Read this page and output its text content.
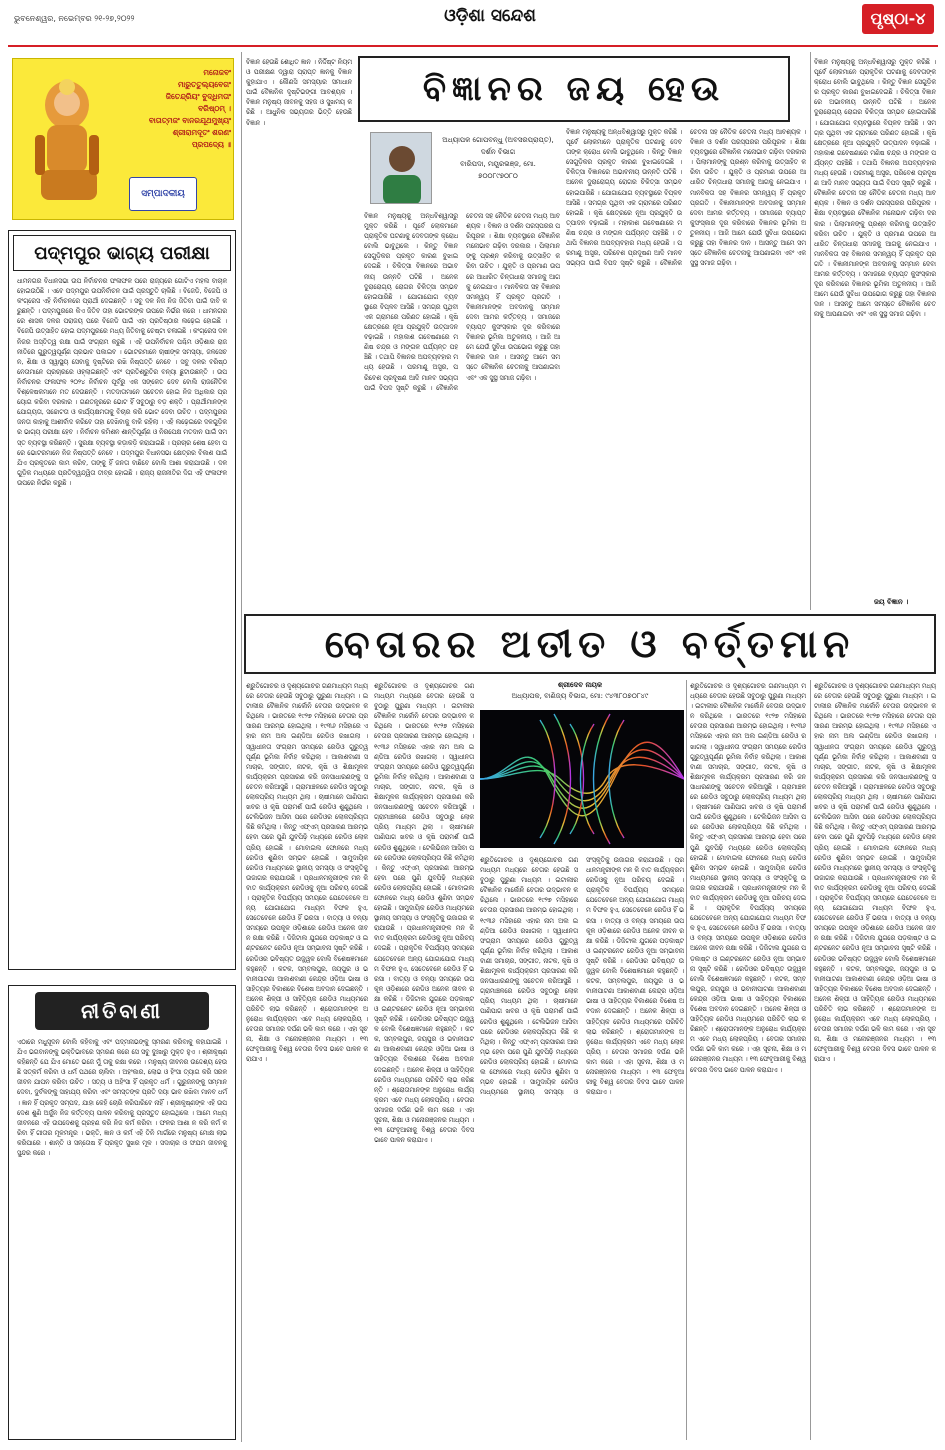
ଭୁବନେଶ୍ୱର, ନଭେମ୍ବର ୨୧-୨୭,୨୦୨୨	ଓଡ଼ିଶା ସନ୍ଦେଶ	ପୃଷ୍ଠା-୪
ମନୋଜବଂ
ମାରୁତତୁଲ୍ୟବେଗଂ
ଜିତେନ୍ଦ୍ରିୟଂ ବୁଦ୍ଧିମତାଂ
ବରିଷ୍ଠମ୍ ।
ବାତାତ୍ମଜଂ ବାନରଯୂଥମୁଖ୍ୟଂ
ଶ୍ରୀରାମଦୂତଂ ଶରଣଂ
ପ୍ରପଦ୍ୟେ ॥
ସମ୍ପାଦକୀୟ
ପଦ୍ମପୁର ଭାଗ୍ୟ ପରୀକ୍ଷା
ଧାମନଗର ବିଧାନସଭା ଉପ ନିର୍ବାଚନର ଫଳାଫଳ ପରେ ରାଜ୍ୟରେ ଗୋଟିଏ ମହଲ ବାଚାଳ ହୋଇଉଠିଛି । ଏବେ ପଦ୍ମପୁର ଉପନିର୍ବାଚନ ପାଇଁ ପ୍ରସ୍ତୁତି ଚାଲିଛି । ବିଜେଡି, ବିଜେପି ଓ କଂଗ୍ରେସ ଏହି ନିର୍ବାଚନରେ ପ୍ରାର୍ଥୀ ଦେଇଛନ୍ତି । ସବୁ ଦଳ ନିଜ ନିଜ ଜିତିବା ପାଇଁ ଦାବି କରୁଛନ୍ତି । ପଦ୍ମପୁରରେ କିଏ ଜିତିବ ତାହା ଭୋଟରଙ୍କ ଉପରେ ନିର୍ଭର କରେ । ଧାମନଗରରେ ଶାସକ ଦଳର ପରାଜୟ ପରେ ବିଜେଡି ପାଇଁ ଏହା ପ୍ରତିଷ୍ଠାର ଲଢ଼େଇ ହୋଇଛି । ବିଜେପି ଉତ୍ସାହିତ ହୋଇ ପଦ୍ମପୁରରେ ମଧ୍ୟ ଜିତିବାକୁ ଚେଷ୍ଟା ଚଳାଇଛି । କଂଗ୍ରେସ ଦଳ ନିଜର ଅସ୍ତିତ୍ୱ ରକ୍ଷା ପାଇଁ ସଂଗ୍ରାମ କରୁଛି । ଏହି ଉପନିର୍ବାଚନ ପଶ୍ଚିମ ଓଡ଼ିଶାର ରାଜନୀତିରେ ଗୁରୁତ୍ୱପୂର୍ଣ୍ଣ ପ୍ରଭାବ ପକାଇବ । ଭୋଟରମାନେ ଚାଷୀଙ୍କ ସମସ୍ୟା, ଜଳସେଚନ, ଶିକ୍ଷା ଓ ସ୍ୱାସ୍ଥ୍ୟ ସେବାକୁ ଦୃଷ୍ଟିରେ ରଖି ନିଷ୍ପତ୍ତି ନେବେ । ସବୁ ଦଳର ବରିଷ୍ଠ ନେତାମାନେ ପ୍ରଚାରରେ ଓହ୍ଲାଇଛନ୍ତି ଏବଂ ପ୍ରତିଶ୍ରୁତିର ବନ୍ୟା ଛୁଟାଉଛନ୍ତି । ଉପନିର୍ବାଚନର ଫଳାଫଳ ୨୦୨୪ ନିର୍ବାଚନ ପୂର୍ବରୁ ଏକ ସଙ୍କେତ ଦେବ ବୋଲି ରାଜନୈତିକ ବିଶ୍ଳେଷକମାନେ ମତ ଦେଉଛନ୍ତି । ମତଦାତାମାନେ ସଚେତନ ହୋଇ ନିଜ ଅଧିକାର ପ୍ରୟୋଗ କରିବା ଦରକାର । ଗଣତନ୍ତ୍ରରେ ଭୋଟ ହିଁ ସବୁଠାରୁ ବଡ଼ ଶକ୍ତି । ପ୍ରାର୍ଥୀମାନଙ୍କ ଯୋଗ୍ୟତା, ସଚ୍ଚୋଟତା ଓ କାର୍ଯ୍ୟକ୍ଷମତାକୁ ବିଚାର କରି ଭୋଟ ଦେବା ଉଚିତ । ପଦ୍ମପୁରର ଜନତା କାହାକୁ ଆଶୀର୍ବାଦ କରିବେ ତାହା ଦେଖିବାକୁ ବାକି ରହିଲା । ଏହି ଲଢ଼େଇରେ ଦଳଗୁଡ଼ିକର ଭାଗ୍ୟ ପରୀକ୍ଷା ହେବ । ନିର୍ବାଚନ କମିଶନ ଶାନ୍ତିପୂର୍ଣ୍ଣ ଓ ନିରପେକ୍ଷ ମତଦାନ ପାଇଁ ସମସ୍ତ ବ୍ୟବସ୍ଥା କରିଛନ୍ତି । ସୁରକ୍ଷା ବ୍ୟବସ୍ଥା କଡ଼ାକଡ଼ି କରାଯାଇଛି । ପ୍ରଚାର ଶେଷ ହେବା ପରେ ଭୋଟରମାନେ ନିଜ ନିଷ୍ପତ୍ତି ନେବେ । ପଦ୍ମପୁର ବିଧାନସଭା କ୍ଷେତ୍ରର ବିକାଶ ପାଇଁ ଯିଏ ପ୍ରକୃତରେ କାମ କରିବ, ତାଙ୍କୁ ହିଁ ଜନତା ବାଛିବେ ବୋଲି ଆଶା କରାଯାଉଛି । ଦଳଗୁଡ଼ିକ ମଧ୍ୟରେ ପ୍ରତିଦ୍ୱନ୍ଦ୍ୱିତା ତୀବ୍ର ହୋଇଛି । ରାଜ୍ୟ ରାଜନୀତିର ଦିଗ ଏହି ଫଳାଫଳ ଉପରେ ନିର୍ଭର କରୁଛି ।
ନୀତିବାଣୀ
ଏଠାରେ ମଧୁସୂଦନ ବୋଲି କହିବାକୁ ଏବଂ ପଦ୍ମନାଭଙ୍କୁ ସ୍ମରଣ କରିବାକୁ କହାଯାଇଛି । ଯିଏ ଭଗବାନଙ୍କୁ ଭକ୍ତିଭାବରେ ସ୍ମରଣ କରେ ସେ ସବୁ ଦୁଃଖରୁ ମୁକ୍ତ ହୁଏ । ଶ୍ରୀକୃଷ୍ଣ କହିଛନ୍ତି ଯେ ଯିଏ ମୋତେ ଭଜେ ମୁଁ ତାକୁ ରକ୍ଷା କରେ । ମନୁଷ୍ୟ ଜୀବନର ଉଦ୍ଦେଶ୍ୟ ହେଉଛି ସତ୍କର୍ମ କରିବା ଓ ଧର୍ମ ପଥରେ ଚାଲିବା । ଅହଂକାର, ଲୋଭ ଓ ହିଂସା ତ୍ୟାଗ କରି ସରଳ ଜୀବନ ଯାପନ କରିବା ଉଚିତ । ସତ୍ୟ ଓ ଅହିଂସା ହିଁ ପ୍ରକୃତ ଧର୍ମ । ଗୁରୁଜନଙ୍କୁ ସମ୍ମାନ ଦେବା, ଦୁର୍ବଳଙ୍କୁ ସାହାଯ୍ୟ କରିବା ଏବଂ ସମସ୍ତଙ୍କ ପ୍ରତି ଦୟା ଭାବ ରଖିବା ମାନବ ଧର୍ମ । ଜ୍ଞାନ ହିଁ ପ୍ରକୃତ ସମ୍ପଦ, ଯାହା କେହି ଚୋରି କରିପାରିବେ ନାହିଁ । ଶ୍ରୀକୃଷ୍ଣଙ୍କ ଏହି ଉପଦେଶ ଶୁଣି ଅର୍ଜୁନ ନିଜ କର୍ତ୍ତବ୍ୟ ପାଳନ କରିବାକୁ ପ୍ରସ୍ତୁତ ହୋଇଥିଲେ । ଆମେ ମଧ୍ୟ ଜୀବନରେ ଏହି ଉପଦେଶକୁ ଗ୍ରହଣ କରି ନିଜ କର୍ମ କରିବା । ଫଳର ଆଶା ନ କରି କର୍ମ କରିବା ହିଁ ଗୀତାର ମୂଳମନ୍ତ୍ର । ଭକ୍ତି, ଜ୍ଞାନ ଓ କର୍ମ ଏହି ତିନି ମାର୍ଗରେ ମନୁଷ୍ୟ ମୋକ୍ଷ ଲାଭ କରିପାରେ । ଶାନ୍ତି ଓ ସନ୍ତୋଷ ହିଁ ପ୍ରକୃତ ସୁଖର ମୂଳ । ସଦାଚାର ଓ ସଂଯମ ଜୀବନକୁ ସୁନ୍ଦର କରେ ।
ବିଜ୍ଞାନ ହେଉଛି ଶୋଧିତ ଜ୍ଞାନ । ନିର୍ଦ୍ଦିଷ୍ଟ ନିୟମ ଓ ପରୀକ୍ଷଣ ଦ୍ୱାରା ପ୍ରାପ୍ତ ଜ୍ଞାନକୁ ବିଜ୍ଞାନ କୁହାଯାଏ । କୌଣସି ସମସ୍ୟାର ସମାଧାନ ପାଇଁ ବୈଜ୍ଞାନିକ ଦୃଷ୍ଟିଭଙ୍ଗୀ ଆବଶ୍ୟକ । ବିଜ୍ଞାନ ମନୁଷ୍ୟ ଜୀବନକୁ ସହଜ ଓ ସୁଖମୟ କରିଛି । ଆଧୁନିକ ସଭ୍ୟତାର ଭିତ୍ତି ହେଉଛି ବିଜ୍ଞାନ ।
ବିଜ୍ଞାନର ଜୟ ହେଉ
ଅଧ୍ୟାପକ ଗୋପବନ୍ଧୁ (ଅବସରପ୍ରାପ୍ତ),
ଦର୍ଶନ ବିଭାଗ
ବାରିପଦା, ମୟୂରଭଞ୍ଜ, ମୋ.
୭୦୦୮୯୭୦୮୦
ବିଜ୍ଞାନ ମନୁଷ୍ୟକୁ ଅନ୍ଧବିଶ୍ୱାସରୁ ମୁକ୍ତ କରିଛି । ପୂର୍ବେ ଲୋକମାନେ ପ୍ରାକୃତିକ ଘଟଣାକୁ ଦେବତାଙ୍କ କ୍ରୋଧ ବୋଲି ଭାବୁଥିଲେ । କିନ୍ତୁ ବିଜ୍ଞାନ ସେଗୁଡ଼ିକର ପ୍ରକୃତ କାରଣ ବୁଝାଇଦେଇଛି । ଚିକିତ୍ସା ବିଜ୍ଞାନରେ ଅଭାବନୀୟ ଉନ୍ନତି ଘଟିଛି । ଅନେକ ଦୁରାରୋଗ୍ୟ ରୋଗର ଚିକିତ୍ସା ସମ୍ଭବ ହୋଇପାରିଛି । ଯୋଗାଯୋଗ ବ୍ୟବସ୍ଥାରେ ବିପ୍ଳବ ଆସିଛି । ସମଗ୍ର ପୃଥିବୀ ଏକ ଗ୍ରାମରେ ପରିଣତ ହୋଇଛି । କୃଷି କ୍ଷେତ୍ରରେ ନୂଆ ପ୍ରଯୁକ୍ତି ଉତ୍ପାଦନ ବଢ଼ାଇଛି । ମହାକାଶ ଗବେଷଣାରେ ମଣିଷ ଚନ୍ଦ୍ର ଓ ମଙ୍ଗଳ ପର୍ଯ୍ୟନ୍ତ ପହଞ୍ଚିଛି । ତଥାପି ବିଜ୍ଞାନର ଅପବ୍ୟବହାର ମଧ୍ୟ ହେଉଛି । ପରମାଣୁ ଅସ୍ତ୍ର, ପରିବେଶ ପ୍ରଦୂଷଣ ଆଦି ମାନବ ସଭ୍ୟତା ପାଇଁ ବିପଦ ସୃଷ୍ଟି କରୁଛି । ବୈଜ୍ଞାନିକ ଚେତନା ସହ ନୈତିକ ଚେତନା ମଧ୍ୟ ଆବଶ୍ୟକ । ବିଜ୍ଞାନ ଓ ଦର୍ଶନ ପରସ୍ପରର ପରିପୂରକ । ଶିକ୍ଷା ବ୍ୟବସ୍ଥାରେ ବୈଜ୍ଞାନିକ ମନୋଭାବ ଗଢ଼ିବା ଦରକାର । ପିଲାମାନଙ୍କୁ ପ୍ରଶ୍ନ କରିବାକୁ ଉତ୍ସାହିତ କରିବା ଉଚିତ । ଯୁକ୍ତି ଓ ପ୍ରମାଣ ଉପରେ ଆଧାରିତ ଚିନ୍ତାଧାରା ସମାଜକୁ ଆଗକୁ ନେଇଯାଏ । ମାନବିକତା ସହ ବିଜ୍ଞାନର ସମନ୍ୱୟ ହିଁ ପ୍ରକୃତ ପ୍ରଗତି । ବିଜ୍ଞାନୀମାନଙ୍କ ଅବଦାନକୁ ସମ୍ମାନ ଦେବା ଆମର କର୍ତ୍ତବ୍ୟ । ସମାଜରେ ବ୍ୟାପ୍ତ କୁସଂସ୍କାର ଦୂର କରିବାରେ ବିଜ୍ଞାନର ଭୂମିକା ଅତୁଳନୀୟ । ଆଜି ଆମେ ଯେଉଁ ସୁବିଧା ଉପଭୋଗ କରୁଛୁ ତାହା ବିଜ୍ଞାନର ଦାନ । ଆସନ୍ତୁ ଆମେ ସମସ୍ତେ ବୈଜ୍ଞାନିକ ଚେତନାକୁ ଆପଣାଇବା ଏବଂ ଏକ ସୁସ୍ଥ ସମାଜ ଗଢ଼ିବା ।
ବିଜ୍ଞାନ ମନୁଷ୍ୟକୁ ଅନ୍ଧବିଶ୍ୱାସରୁ ମୁକ୍ତ କରିଛି । ପୂର୍ବେ ଲୋକମାନେ ପ୍ରାକୃତିକ ଘଟଣାକୁ ଦେବତାଙ୍କ କ୍ରୋଧ ବୋଲି ଭାବୁଥିଲେ । କିନ୍ତୁ ବିଜ୍ଞାନ ସେଗୁଡ଼ିକର ପ୍ରକୃତ କାରଣ ବୁଝାଇଦେଇଛି । ଚିକିତ୍ସା ବିଜ୍ଞାନରେ ଅଭାବନୀୟ ଉନ୍ନତି ଘଟିଛି । ଅନେକ ଦୁରାରୋଗ୍ୟ ରୋଗର ଚିକିତ୍ସା ସମ୍ଭବ ହୋଇପାରିଛି । ଯୋଗାଯୋଗ ବ୍ୟବସ୍ଥାରେ ବିପ୍ଳବ ଆସିଛି । ସମଗ୍ର ପୃଥିବୀ ଏକ ଗ୍ରାମରେ ପରିଣତ ହୋଇଛି । କୃଷି କ୍ଷେତ୍ରରେ ନୂଆ ପ୍ରଯୁକ୍ତି ଉତ୍ପାଦନ ବଢ଼ାଇଛି । ମହାକାଶ ଗବେଷଣାରେ ମଣିଷ ଚନ୍ଦ୍ର ଓ ମଙ୍ଗଳ ପର୍ଯ୍ୟନ୍ତ ପହଞ୍ଚିଛି । ତଥାପି ବିଜ୍ଞାନର ଅପବ୍ୟବହାର ମଧ୍ୟ ହେଉଛି । ପରମାଣୁ ଅସ୍ତ୍ର, ପରିବେଶ ପ୍ରଦୂଷଣ ଆଦି ମାନବ ସଭ୍ୟତା ପାଇଁ ବିପଦ ସୃଷ୍ଟି କରୁଛି । ବୈଜ୍ଞାନିକ ଚେତନା ସହ ନୈତିକ ଚେତନା ମଧ୍ୟ ଆବଶ୍ୟକ । ବିଜ୍ଞାନ ଓ ଦର୍ଶନ ପରସ୍ପରର ପରିପୂରକ । ଶିକ୍ଷା ବ୍ୟବସ୍ଥାରେ ବୈଜ୍ଞାନିକ ମନୋଭାବ ଗଢ଼ିବା ଦରକାର । ପିଲାମାନଙ୍କୁ ପ୍ରଶ୍ନ କରିବାକୁ ଉତ୍ସାହିତ କରିବା ଉଚିତ । ଯୁକ୍ତି ଓ ପ୍ରମାଣ ଉପରେ ଆଧାରିତ ଚିନ୍ତାଧାରା ସମାଜକୁ ଆଗକୁ ନେଇଯାଏ । ମାନବିକତା ସହ ବିଜ୍ଞାନର ସମନ୍ୱୟ ହିଁ ପ୍ରକୃତ ପ୍ରଗତି । ବିଜ୍ଞାନୀମାନଙ୍କ ଅବଦାନକୁ ସମ୍ମାନ ଦେବା ଆମର କର୍ତ୍ତବ୍ୟ । ସମାଜରେ ବ୍ୟାପ୍ତ କୁସଂସ୍କାର ଦୂର କରିବାରେ ବିଜ୍ଞାନର ଭୂମିକା ଅତୁଳନୀୟ । ଆଜି ଆମେ ଯେଉଁ ସୁବିଧା ଉପଭୋଗ କରୁଛୁ ତାହା ବିଜ୍ଞାନର ଦାନ । ଆସନ୍ତୁ ଆମେ ସମସ୍ତେ ବୈଜ୍ଞାନିକ ଚେତନାକୁ ଆପଣାଇବା ଏବଂ ଏକ ସୁସ୍ଥ ସମାଜ ଗଢ଼ିବା ।
ବିଜ୍ଞାନ ମନୁଷ୍ୟକୁ ଅନ୍ଧବିଶ୍ୱାସରୁ ମୁକ୍ତ କରିଛି । ପୂର୍ବେ ଲୋକମାନେ ପ୍ରାକୃତିକ ଘଟଣାକୁ ଦେବତାଙ୍କ କ୍ରୋଧ ବୋଲି ଭାବୁଥିଲେ । କିନ୍ତୁ ବିଜ୍ଞାନ ସେଗୁଡ଼ିକର ପ୍ରକୃତ କାରଣ ବୁଝାଇଦେଇଛି । ଚିକିତ୍ସା ବିଜ୍ଞାନରେ ଅଭାବନୀୟ ଉନ୍ନତି ଘଟିଛି । ଅନେକ ଦୁରାରୋଗ୍ୟ ରୋଗର ଚିକିତ୍ସା ସମ୍ଭବ ହୋଇପାରିଛି । ଯୋଗାଯୋଗ ବ୍ୟବସ୍ଥାରେ ବିପ୍ଳବ ଆସିଛି । ସମଗ୍ର ପୃଥିବୀ ଏକ ଗ୍ରାମରେ ପରିଣତ ହୋଇଛି । କୃଷି କ୍ଷେତ୍ରରେ ନୂଆ ପ୍ରଯୁକ୍ତି ଉତ୍ପାଦନ ବଢ଼ାଇଛି । ମହାକାଶ ଗବେଷଣାରେ ମଣିଷ ଚନ୍ଦ୍ର ଓ ମଙ୍ଗଳ ପର୍ଯ୍ୟନ୍ତ ପହଞ୍ଚିଛି । ତଥାପି ବିଜ୍ଞାନର ଅପବ୍ୟବହାର ମଧ୍ୟ ହେଉଛି । ପରମାଣୁ ଅସ୍ତ୍ର, ପରିବେଶ ପ୍ରଦୂଷଣ ଆଦି ମାନବ ସଭ୍ୟତା ପାଇଁ ବିପଦ ସୃଷ୍ଟି କରୁଛି । ବୈଜ୍ଞାନିକ ଚେତନା ସହ ନୈତିକ ଚେତନା ମଧ୍ୟ ଆବଶ୍ୟକ । ବିଜ୍ଞାନ ଓ ଦର୍ଶନ ପରସ୍ପରର ପରିପୂରକ । ଶିକ୍ଷା ବ୍ୟବସ୍ଥାରେ ବୈଜ୍ଞାନିକ ମନୋଭାବ ଗଢ଼ିବା ଦରକାର । ପିଲାମାନଙ୍କୁ ପ୍ରଶ୍ନ କରିବାକୁ ଉତ୍ସାହିତ କରିବା ଉଚିତ । ଯୁକ୍ତି ଓ ପ୍ରମାଣ ଉପରେ ଆଧାରିତ ଚିନ୍ତାଧାରା ସମାଜକୁ ଆଗକୁ ନେଇଯାଏ । ମାନବିକତା ସହ ବିଜ୍ଞାନର ସମନ୍ୱୟ ହିଁ ପ୍ରକୃତ ପ୍ରଗତି । ବିଜ୍ଞାନୀମାନଙ୍କ ଅବଦାନକୁ ସମ୍ମାନ ଦେବା ଆମର କର୍ତ୍ତବ୍ୟ । ସମାଜରେ ବ୍ୟାପ୍ତ କୁସଂସ୍କାର ଦୂର କରିବାରେ ବିଜ୍ଞାନର ଭୂମିକା ଅତୁଳନୀୟ । ଆଜି ଆମେ ଯେଉଁ ସୁବିଧା ଉପଭୋଗ କରୁଛୁ ତାହା ବିଜ୍ଞାନର ଦାନ । ଆସନ୍ତୁ ଆମେ ସମସ୍ତେ ବୈଜ୍ଞାନିକ ଚେତନାକୁ ଆପଣାଇବା ଏବଂ ଏକ ସୁସ୍ଥ ସମାଜ ଗଢ଼ିବା ।
ଜୟ ବିଜ୍ଞାନ ।
ବେତାରର ଅତୀତ ଓ ବର୍ତ୍ତମାନ
ଶ୍ରୁତିଗୋଚର ଓ ଦୃଶ୍ୟଗୋଚର ଗଣମାଧ୍ୟମ ମଧ୍ୟରେ ବେତାର ହେଉଛି ସବୁଠାରୁ ପୁରୁଣା ମାଧ୍ୟମ । ଇଟାଲୀର ବୈଜ୍ଞାନିକ ମାର୍କୋନି ବେତାର ଉଦ୍ଭାବନ କରିଥିଲେ । ଭାରତରେ ୧୯୨୭ ମସିହାରେ ବେତାର ପ୍ରସାରଣ ଆରମ୍ଭ ହୋଇଥିଲା । ୧୯୩୬ ମସିହାରେ ଏହାର ନାମ ଅଲ ଇଣ୍ଡିଆ ରେଡିଓ ରଖାଗଲା । ସ୍ୱାଧୀନତା ସଂଗ୍ରାମ ସମୟରେ ରେଡିଓ ଗୁରୁତ୍ୱପୂର୍ଣ୍ଣ ଭୂମିକା ନିର୍ବାହ କରିଥିଲା । ଆକାଶବାଣୀ ସମାଚାର, ସଙ୍ଗୀତ, ନାଟକ, କୃଷି ଓ ଶିକ୍ଷାମୂଳକ କାର୍ଯ୍ୟକ୍ରମ ପ୍ରସାରଣ କରି ଜନସାଧାରଣଙ୍କୁ ସଚେତନ କରିଆସୁଛି । ଗ୍ରାମାଞ୍ଚଳରେ ରେଡିଓ ସବୁଠାରୁ ଲୋକପ୍ରିୟ ମାଧ୍ୟମ ଥିଲା । ଚାଷୀମାନେ ପାଣିପାଗ ଖବର ଓ କୃଷି ପରାମର୍ଶ ପାଇଁ ରେଡିଓ ଶୁଣୁଥିଲେ । ଟେଲିଭିଜନ ଆସିବା ପରେ ରେଡିଓର ଲୋକପ୍ରିୟତା କିଛି କମିଥିଲା । କିନ୍ତୁ ଏଫ୍‌ଏମ୍ ପ୍ରସାରଣ ଆରମ୍ଭ ହେବା ପରେ ପୁଣି ଯୁବପିଢ଼ି ମଧ୍ୟରେ ରେଡିଓ ଲୋକପ୍ରିୟ ହୋଇଛି । ମୋବାଇଲ ଫୋନରେ ମଧ୍ୟ ରେଡିଓ ଶୁଣିବା ସମ୍ଭବ ହୋଇଛି । ସାମୁଦାୟିକ ରେଡିଓ ମାଧ୍ୟମରେ ସ୍ଥାନୀୟ ସମସ୍ୟା ଓ ସଂସ୍କୃତିକୁ ଉଜାଗର କରାଯାଉଛି । ପ୍ରଧାନମନ୍ତ୍ରୀଙ୍କ ମନ କି ବାତ କାର୍ଯ୍ୟକ୍ରମ ରେଡିଓକୁ ନୂଆ ପରିଚୟ ଦେଇଛି । ପ୍ରାକୃତିକ ବିପର୍ଯ୍ୟୟ ସମୟରେ ଯେତେବେଳେ ଅନ୍ୟ ଯୋଗାଯୋଗ ମାଧ୍ୟମ ବିଫଳ ହୁଏ, ସେତେବେଳେ ରେଡିଓ ହିଁ ଭରସା । ବାତ୍ୟା ଓ ବନ୍ୟା ସମୟରେ ଉପକୂଳ ଓଡ଼ିଶାରେ ରେଡିଓ ଅନେକ ଜୀବନ ରକ୍ଷା କରିଛି । ଡିଜିଟାଲ ଯୁଗରେ ପଡ଼କାଷ୍ଟ ଓ ଇଣ୍ଟରନେଟ ରେଡିଓ ନୂଆ ସମ୍ଭାବନା ସୃଷ୍ଟି କରିଛି । ରେଡିଓର ଭବିଷ୍ୟତ ଉଜ୍ଜ୍ୱଳ ବୋଲି ବିଶେଷଜ୍ଞମାନେ କହୁଛନ୍ତି । କଟକ, ସମ୍ବଲପୁର, ଜୟପୁର ଓ ଭବାନୀପାଟଣା ଆକାଶବାଣୀ କେନ୍ଦ୍ର ଓଡ଼ିଆ ଭାଷା ଓ ସାହିତ୍ୟର ବିକାଶରେ ବିଶେଷ ଅବଦାନ ଦେଇଛନ୍ତି । ଅନେକ ଶିଳ୍ପୀ ଓ ସାହିତ୍ୟିକ ରେଡିଓ ମାଧ୍ୟମରେ ପରିଚିତି ଲାଭ କରିଛନ୍ତି । ଶ୍ରୋତାମାନଙ୍କ ଅନୁରୋଧ କାର୍ଯ୍ୟକ୍ରମ ଏବେ ମଧ୍ୟ ଲୋକପ୍ରିୟ । ବେତାର ସମାଜର ଦର୍ପଣ ଭଳି କାମ କରେ । ଏହା ସୂଚନା, ଶିକ୍ଷା ଓ ମନୋରଞ୍ଜନର ମାଧ୍ୟମ । ୧୩ ଫେବୃଆରୀକୁ ବିଶ୍ୱ ବେତାର ଦିବସ ଭାବେ ପାଳନ କରାଯାଏ ।
ଶ୍ରୁତିଗୋଚର ଓ ଦୃଶ୍ୟଗୋଚର ଗଣମାଧ୍ୟମ ମଧ୍ୟରେ ବେତାର ହେଉଛି ସବୁଠାରୁ ପୁରୁଣା ମାଧ୍ୟମ । ଇଟାଲୀର ବୈଜ୍ଞାନିକ ମାର୍କୋନି ବେତାର ଉଦ୍ଭାବନ କରିଥିଲେ । ଭାରତରେ ୧୯୨୭ ମସିହାରେ ବେତାର ପ୍ରସାରଣ ଆରମ୍ଭ ହୋଇଥିଲା । ୧୯୩୬ ମସିହାରେ ଏହାର ନାମ ଅଲ ଇଣ୍ଡିଆ ରେଡିଓ ରଖାଗଲା । ସ୍ୱାଧୀନତା ସଂଗ୍ରାମ ସମୟରେ ରେଡିଓ ଗୁରୁତ୍ୱପୂର୍ଣ୍ଣ ଭୂମିକା ନିର୍ବାହ କରିଥିଲା । ଆକାଶବାଣୀ ସମାଚାର, ସଙ୍ଗୀତ, ନାଟକ, କୃଷି ଓ ଶିକ୍ଷାମୂଳକ କାର୍ଯ୍ୟକ୍ରମ ପ୍ରସାରଣ କରି ଜନସାଧାରଣଙ୍କୁ ସଚେତନ କରିଆସୁଛି । ଗ୍ରାମାଞ୍ଚଳରେ ରେଡିଓ ସବୁଠାରୁ ଲୋକପ୍ରିୟ ମାଧ୍ୟମ ଥିଲା । ଚାଷୀମାନେ ପାଣିପାଗ ଖବର ଓ କୃଷି ପରାମର୍ଶ ପାଇଁ ରେଡିଓ ଶୁଣୁଥିଲେ । ଟେଲିଭିଜନ ଆସିବା ପରେ ରେଡିଓର ଲୋକପ୍ରିୟତା କିଛି କମିଥିଲା । କିନ୍ତୁ ଏଫ୍‌ଏମ୍ ପ୍ରସାରଣ ଆରମ୍ଭ ହେବା ପରେ ପୁଣି ଯୁବପିଢ଼ି ମଧ୍ୟରେ ରେଡିଓ ଲୋକପ୍ରିୟ ହୋଇଛି । ମୋବାଇଲ ଫୋନରେ ମଧ୍ୟ ରେଡିଓ ଶୁଣିବା ସମ୍ଭବ ହୋଇଛି । ସାମୁଦାୟିକ ରେଡିଓ ମାଧ୍ୟମରେ ସ୍ଥାନୀୟ ସମସ୍ୟା ଓ ସଂସ୍କୃତିକୁ ଉଜାଗର କରାଯାଉଛି । ପ୍ରଧାନମନ୍ତ୍ରୀଙ୍କ ମନ କି ବାତ କାର୍ଯ୍ୟକ୍ରମ ରେଡିଓକୁ ନୂଆ ପରିଚୟ ଦେଇଛି । ପ୍ରାକୃତିକ ବିପର୍ଯ୍ୟୟ ସମୟରେ ଯେତେବେଳେ ଅନ୍ୟ ଯୋଗାଯୋଗ ମାଧ୍ୟମ ବିଫଳ ହୁଏ, ସେତେବେଳେ ରେଡିଓ ହିଁ ଭରସା । ବାତ୍ୟା ଓ ବନ୍ୟା ସମୟରେ ଉପକୂଳ ଓଡ଼ିଶାରେ ରେଡିଓ ଅନେକ ଜୀବନ ରକ୍ଷା କରିଛି । ଡିଜିଟାଲ ଯୁଗରେ ପଡ଼କାଷ୍ଟ ଓ ଇଣ୍ଟରନେଟ ରେଡିଓ ନୂଆ ସମ୍ଭାବନା ସୃଷ୍ଟି କରିଛି । ରେଡିଓର ଭବିଷ୍ୟତ ଉଜ୍ଜ୍ୱଳ ବୋଲି ବିଶେଷଜ୍ଞମାନେ କହୁଛନ୍ତି । କଟକ, ସମ୍ବଲପୁର, ଜୟପୁର ଓ ଭବାନୀପାଟଣା ଆକାଶବାଣୀ କେନ୍ଦ୍ର ଓଡ଼ିଆ ଭାଷା ଓ ସାହିତ୍ୟର ବିକାଶରେ ବିଶେଷ ଅବଦାନ ଦେଇଛନ୍ତି । ଅନେକ ଶିଳ୍ପୀ ଓ ସାହିତ୍ୟିକ ରେଡିଓ ମାଧ୍ୟମରେ ପରିଚିତି ଲାଭ କରିଛନ୍ତି । ଶ୍ରୋତାମାନଙ୍କ ଅନୁରୋଧ କାର୍ଯ୍ୟକ୍ରମ ଏବେ ମଧ୍ୟ ଲୋକପ୍ରିୟ । ବେତାର ସମାଜର ଦର୍ପଣ ଭଳି କାମ କରେ । ଏହା ସୂଚନା, ଶିକ୍ଷା ଓ ମନୋରଞ୍ଜନର ମାଧ୍ୟମ । ୧୩ ଫେବୃଆରୀକୁ ବିଶ୍ୱ ବେତାର ଦିବସ ଭାବେ ପାଳନ କରାଯାଏ ।
ଶ୍ରୀଦେବ ନାୟକ
ଅଧ୍ୟାପକ, ବାଣିଜ୍ୟ ବିଭାଗ, ମୋ: ୯୪୩୮୦୭୦୮୪୯
ଶ୍ରୁତିଗୋଚର ଓ ଦୃଶ୍ୟଗୋଚର ଗଣମାଧ୍ୟମ ମଧ୍ୟରେ ବେତାର ହେଉଛି ସବୁଠାରୁ ପୁରୁଣା ମାଧ୍ୟମ । ଇଟାଲୀର ବୈଜ୍ଞାନିକ ମାର୍କୋନି ବେତାର ଉଦ୍ଭାବନ କରିଥିଲେ । ଭାରତରେ ୧୯୨୭ ମସିହାରେ ବେତାର ପ୍ରସାରଣ ଆରମ୍ଭ ହୋଇଥିଲା । ୧୯୩୬ ମସିହାରେ ଏହାର ନାମ ଅଲ ଇଣ୍ଡିଆ ରେଡିଓ ରଖାଗଲା । ସ୍ୱାଧୀନତା ସଂଗ୍ରାମ ସମୟରେ ରେଡିଓ ଗୁରୁତ୍ୱପୂର୍ଣ୍ଣ ଭୂମିକା ନିର୍ବାହ କରିଥିଲା । ଆକାଶବାଣୀ ସମାଚାର, ସଙ୍ଗୀତ, ନାଟକ, କୃଷି ଓ ଶିକ୍ଷାମୂଳକ କାର୍ଯ୍ୟକ୍ରମ ପ୍ରସାରଣ କରି ଜନସାଧାରଣଙ୍କୁ ସଚେତନ କରିଆସୁଛି । ଗ୍ରାମାଞ୍ଚଳରେ ରେଡିଓ ସବୁଠାରୁ ଲୋକପ୍ରିୟ ମାଧ୍ୟମ ଥିଲା । ଚାଷୀମାନେ ପାଣିପାଗ ଖବର ଓ କୃଷି ପରାମର୍ଶ ପାଇଁ ରେଡିଓ ଶୁଣୁଥିଲେ । ଟେଲିଭିଜନ ଆସିବା ପରେ ରେଡିଓର ଲୋକପ୍ରିୟତା କିଛି କମିଥିଲା । କିନ୍ତୁ ଏଫ୍‌ଏମ୍ ପ୍ରସାରଣ ଆରମ୍ଭ ହେବା ପରେ ପୁଣି ଯୁବପିଢ଼ି ମଧ୍ୟରେ ରେଡିଓ ଲୋକପ୍ରିୟ ହୋଇଛି । ମୋବାଇଲ ଫୋନରେ ମଧ୍ୟ ରେଡିଓ ଶୁଣିବା ସମ୍ଭବ ହୋଇଛି । ସାମୁଦାୟିକ ରେଡିଓ ମାଧ୍ୟମରେ ସ୍ଥାନୀୟ ସମସ୍ୟା ଓ ସଂସ୍କୃତିକୁ ଉଜାଗର କରାଯାଉଛି । ପ୍ରଧାନମନ୍ତ୍ରୀଙ୍କ ମନ କି ବାତ କାର୍ଯ୍ୟକ୍ରମ ରେଡିଓକୁ ନୂଆ ପରିଚୟ ଦେଇଛି । ପ୍ରାକୃତିକ ବିପର୍ଯ୍ୟୟ ସମୟରେ ଯେତେବେଳେ ଅନ୍ୟ ଯୋଗାଯୋଗ ମାଧ୍ୟମ ବିଫଳ ହୁଏ, ସେତେବେଳେ ରେଡିଓ ହିଁ ଭରସା । ବାତ୍ୟା ଓ ବନ୍ୟା ସମୟରେ ଉପକୂଳ ଓଡ଼ିଶାରେ ରେଡିଓ ଅନେକ ଜୀବନ ରକ୍ଷା କରିଛି । ଡିଜିଟାଲ ଯୁଗରେ ପଡ଼କାଷ୍ଟ ଓ ଇଣ୍ଟରନେଟ ରେଡିଓ ନୂଆ ସମ୍ଭାବନା ସୃଷ୍ଟି କରିଛି । ରେଡିଓର ଭବିଷ୍ୟତ ଉଜ୍ଜ୍ୱଳ ବୋଲି ବିଶେଷଜ୍ଞମାନେ କହୁଛନ୍ତି । କଟକ, ସମ୍ବଲପୁର, ଜୟପୁର ଓ ଭବାନୀପାଟଣା ଆକାଶବାଣୀ କେନ୍ଦ୍ର ଓଡ଼ିଆ ଭାଷା ଓ ସାହିତ୍ୟର ବିକାଶରେ ବିଶେଷ ଅବଦାନ ଦେଇଛନ୍ତି । ଅନେକ ଶିଳ୍ପୀ ଓ ସାହିତ୍ୟିକ ରେଡିଓ ମାଧ୍ୟମରେ ପରିଚିତି ଲାଭ କରିଛନ୍ତି । ଶ୍ରୋତାମାନଙ୍କ ଅନୁରୋଧ କାର୍ଯ୍ୟକ୍ରମ ଏବେ ମଧ୍ୟ ଲୋକପ୍ରିୟ । ବେତାର ସମାଜର ଦର୍ପଣ ଭଳି କାମ କରେ । ଏହା ସୂଚନା, ଶିକ୍ଷା ଓ ମନୋରଞ୍ଜନର ମାଧ୍ୟମ । ୧୩ ଫେବୃଆରୀକୁ ବିଶ୍ୱ ବେତାର ଦିବସ ଭାବେ ପାଳନ କରାଯାଏ ।
ଶ୍ରୁତିଗୋଚର ଓ ଦୃଶ୍ୟଗୋଚର ଗଣମାଧ୍ୟମ ମଧ୍ୟରେ ବେତାର ହେଉଛି ସବୁଠାରୁ ପୁରୁଣା ମାଧ୍ୟମ । ଇଟାଲୀର ବୈଜ୍ଞାନିକ ମାର୍କୋନି ବେତାର ଉଦ୍ଭାବନ କରିଥିଲେ । ଭାରତରେ ୧୯୨୭ ମସିହାରେ ବେତାର ପ୍ରସାରଣ ଆରମ୍ଭ ହୋଇଥିଲା । ୧୯୩୬ ମସିହାରେ ଏହାର ନାମ ଅଲ ଇଣ୍ଡିଆ ରେଡିଓ ରଖାଗଲା । ସ୍ୱାଧୀନତା ସଂଗ୍ରାମ ସମୟରେ ରେଡିଓ ଗୁରୁତ୍ୱପୂର୍ଣ୍ଣ ଭୂମିକା ନିର୍ବାହ କରିଥିଲା । ଆକାଶବାଣୀ ସମାଚାର, ସଙ୍ଗୀତ, ନାଟକ, କୃଷି ଓ ଶିକ୍ଷାମୂଳକ କାର୍ଯ୍ୟକ୍ରମ ପ୍ରସାରଣ କରି ଜନସାଧାରଣଙ୍କୁ ସଚେତନ କରିଆସୁଛି । ଗ୍ରାମାଞ୍ଚଳରେ ରେଡିଓ ସବୁଠାରୁ ଲୋକପ୍ରିୟ ମାଧ୍ୟମ ଥିଲା । ଚାଷୀମାନେ ପାଣିପାଗ ଖବର ଓ କୃଷି ପରାମର୍ଶ ପାଇଁ ରେଡିଓ ଶୁଣୁଥିଲେ । ଟେଲିଭିଜନ ଆସିବା ପରେ ରେଡିଓର ଲୋକପ୍ରିୟତା କିଛି କମିଥିଲା । କିନ୍ତୁ ଏଫ୍‌ଏମ୍ ପ୍ରସାରଣ ଆରମ୍ଭ ହେବା ପରେ ପୁଣି ଯୁବପିଢ଼ି ମଧ୍ୟରେ ରେଡିଓ ଲୋକପ୍ରିୟ ହୋଇଛି । ମୋବାଇଲ ଫୋନରେ ମଧ୍ୟ ରେଡିଓ ଶୁଣିବା ସମ୍ଭବ ହୋଇଛି । ସାମୁଦାୟିକ ରେଡିଓ ମାଧ୍ୟମରେ ସ୍ଥାନୀୟ ସମସ୍ୟା ଓ ସଂସ୍କୃତିକୁ ଉଜାଗର କରାଯାଉଛି । ପ୍ରଧାନମନ୍ତ୍ରୀଙ୍କ ମନ କି ବାତ କାର୍ଯ୍ୟକ୍ରମ ରେଡିଓକୁ ନୂଆ ପରିଚୟ ଦେଇଛି । ପ୍ରାକୃତିକ ବିପର୍ଯ୍ୟୟ ସମୟରେ ଯେତେବେଳେ ଅନ୍ୟ ଯୋଗାଯୋଗ ମାଧ୍ୟମ ବିଫଳ ହୁଏ, ସେତେବେଳେ ରେଡିଓ ହିଁ ଭରସା । ବାତ୍ୟା ଓ ବନ୍ୟା ସମୟରେ ଉପକୂଳ ଓଡ଼ିଶାରେ ରେଡିଓ ଅନେକ ଜୀବନ ରକ୍ଷା କରିଛି । ଡିଜିଟାଲ ଯୁଗରେ ପଡ଼କାଷ୍ଟ ଓ ଇଣ୍ଟରନେଟ ରେଡିଓ ନୂଆ ସମ୍ଭାବନା ସୃଷ୍ଟି କରିଛି । ରେଡିଓର ଭବିଷ୍ୟତ ଉଜ୍ଜ୍ୱଳ ବୋଲି ବିଶେଷଜ୍ଞମାନେ କହୁଛନ୍ତି । କଟକ, ସମ୍ବଲପୁର, ଜୟପୁର ଓ ଭବାନୀପାଟଣା ଆକାଶବାଣୀ କେନ୍ଦ୍ର ଓଡ଼ିଆ ଭାଷା ଓ ସାହିତ୍ୟର ବିକାଶରେ ବିଶେଷ ଅବଦାନ ଦେଇଛନ୍ତି । ଅନେକ ଶିଳ୍ପୀ ଓ ସାହିତ୍ୟିକ ରେଡିଓ ମାଧ୍ୟମରେ ପରିଚିତି ଲାଭ କରିଛନ୍ତି । ଶ୍ରୋତାମାନଙ୍କ ଅନୁରୋଧ କାର୍ଯ୍ୟକ୍ରମ ଏବେ ମଧ୍ୟ ଲୋକପ୍ରିୟ । ବେତାର ସମାଜର ଦର୍ପଣ ଭଳି କାମ କରେ । ଏହା ସୂଚନା, ଶିକ୍ଷା ଓ ମନୋରଞ୍ଜନର ମାଧ୍ୟମ । ୧୩ ଫେବୃଆରୀକୁ ବିଶ୍ୱ ବେତାର ଦିବସ ଭାବେ ପାଳନ କରାଯାଏ ।
ଶ୍ରୁତିଗୋଚର ଓ ଦୃଶ୍ୟଗୋଚର ଗଣମାଧ୍ୟମ ମଧ୍ୟରେ ବେତାର ହେଉଛି ସବୁଠାରୁ ପୁରୁଣା ମାଧ୍ୟମ । ଇଟାଲୀର ବୈଜ୍ଞାନିକ ମାର୍କୋନି ବେତାର ଉଦ୍ଭାବନ କରିଥିଲେ । ଭାରତରେ ୧୯୨୭ ମସିହାରେ ବେତାର ପ୍ରସାରଣ ଆରମ୍ଭ ହୋଇଥିଲା । ୧୯୩୬ ମସିହାରେ ଏହାର ନାମ ଅଲ ଇଣ୍ଡିଆ ରେଡିଓ ରଖାଗଲା । ସ୍ୱାଧୀନତା ସଂଗ୍ରାମ ସମୟରେ ରେଡିଓ ଗୁରୁତ୍ୱପୂର୍ଣ୍ଣ ଭୂମିକା ନିର୍ବାହ କରିଥିଲା । ଆକାଶବାଣୀ ସମାଚାର, ସଙ୍ଗୀତ, ନାଟକ, କୃଷି ଓ ଶିକ୍ଷାମୂଳକ କାର୍ଯ୍ୟକ୍ରମ ପ୍ରସାରଣ କରି ଜନସାଧାରଣଙ୍କୁ ସଚେତନ କରିଆସୁଛି । ଗ୍ରାମାଞ୍ଚଳରେ ରେଡିଓ ସବୁଠାରୁ ଲୋକପ୍ରିୟ ମାଧ୍ୟମ ଥିଲା । ଚାଷୀମାନେ ପାଣିପାଗ ଖବର ଓ କୃଷି ପରାମର୍ଶ ପାଇଁ ରେଡିଓ ଶୁଣୁଥିଲେ । ଟେଲିଭିଜନ ଆସିବା ପରେ ରେଡିଓର ଲୋକପ୍ରିୟତା କିଛି କମିଥିଲା । କିନ୍ତୁ ଏଫ୍‌ଏମ୍ ପ୍ରସାରଣ ଆରମ୍ଭ ହେବା ପରେ ପୁଣି ଯୁବପିଢ଼ି ମଧ୍ୟରେ ରେଡିଓ ଲୋକପ୍ରିୟ ହୋଇଛି । ମୋବାଇଲ ଫୋନରେ ମଧ୍ୟ ରେଡିଓ ଶୁଣିବା ସମ୍ଭବ ହୋଇଛି । ସାମୁଦାୟିକ ରେଡିଓ ମାଧ୍ୟମରେ ସ୍ଥାନୀୟ ସମସ୍ୟା ଓ ସଂସ୍କୃତିକୁ ଉଜାଗର କରାଯାଉଛି । ପ୍ରଧାନମନ୍ତ୍ରୀଙ୍କ ମନ କି ବାତ କାର୍ଯ୍ୟକ୍ରମ ରେଡିଓକୁ ନୂଆ ପରିଚୟ ଦେଇଛି । ପ୍ରାକୃତିକ ବିପର୍ଯ୍ୟୟ ସମୟରେ ଯେତେବେଳେ ଅନ୍ୟ ଯୋଗାଯୋଗ ମାଧ୍ୟମ ବିଫଳ ହୁଏ, ସେତେବେଳେ ରେଡିଓ ହିଁ ଭରସା । ବାତ୍ୟା ଓ ବନ୍ୟା ସମୟରେ ଉପକୂଳ ଓଡ଼ିଶାରେ ରେଡିଓ ଅନେକ ଜୀବନ ରକ୍ଷା କରିଛି । ଡିଜିଟାଲ ଯୁଗରେ ପଡ଼କାଷ୍ଟ ଓ ଇଣ୍ଟରନେଟ ରେଡିଓ ନୂଆ ସମ୍ଭାବନା ସୃଷ୍ଟି କରିଛି । ରେଡିଓର ଭବିଷ୍ୟତ ଉଜ୍ଜ୍ୱଳ ବୋଲି ବିଶେଷଜ୍ଞମାନେ କହୁଛନ୍ତି । କଟକ, ସମ୍ବଲପୁର, ଜୟପୁର ଓ ଭବାନୀପାଟଣା ଆକାଶବାଣୀ କେନ୍ଦ୍ର ଓଡ଼ିଆ ଭାଷା ଓ ସାହିତ୍ୟର ବିକାଶରେ ବିଶେଷ ଅବଦାନ ଦେଇଛନ୍ତି । ଅନେକ ଶିଳ୍ପୀ ଓ ସାହିତ୍ୟିକ ରେଡିଓ ମାଧ୍ୟମରେ ପରିଚିତି ଲାଭ କରିଛନ୍ତି । ଶ୍ରୋତାମାନଙ୍କ ଅନୁରୋଧ କାର୍ଯ୍ୟକ୍ରମ ଏବେ ମଧ୍ୟ ଲୋକପ୍ରିୟ । ବେତାର ସମାଜର ଦର୍ପଣ ଭଳି କାମ କରେ । ଏହା ସୂଚନା, ଶିକ୍ଷା ଓ ମନୋରଞ୍ଜନର ମାଧ୍ୟମ । ୧୩ ଫେବୃଆରୀକୁ ବିଶ୍ୱ ବେତାର ଦିବସ ଭାବେ ପାଳନ କରାଯାଏ ।
